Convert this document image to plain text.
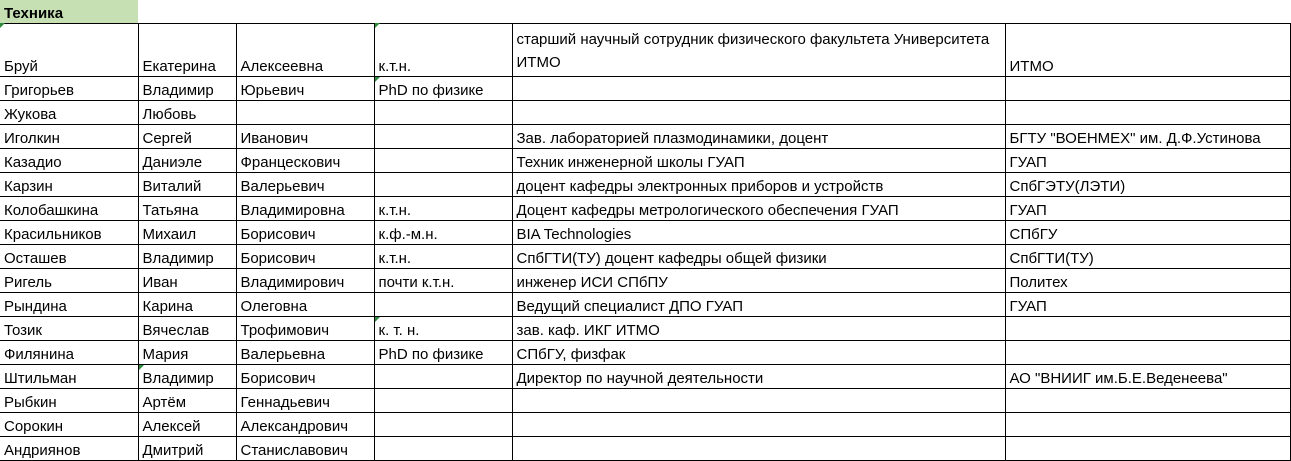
Техника					
Бруй	Екатерина	Алексеевна	к.т.н.	старший научный сотрудник физического факультета Университета ИТМО	ИТМО
Григорьев	Владимир	Юрьевич	PhD по физике

Жукова	Любовь				
Иголкин	Сергей	Иванович		Зав. лабораторией плазмодинамики, доцент	БГТУ "ВОЕНМЕХ" им. Д.Ф.Устинова
Казадио	Даниэле	Францескович		Техник инженерной школы ГУАП	ГУАП
Карзин	Виталий	Валерьевич		доцент кафедры электронных приборов и устройств	СпбГЭТУ(ЛЭТИ)
Колобашкина	Татьяна	Владимировна	к.т.н.	Доцент кафедры метрологического обеспечения ГУАП	ГУАП
Красильников	Михаил	Борисович	к.ф.-м.н.	BIA Technologies	СПбГУ
Осташев	Владимир	Борисович	к.т.н.	СпбГТИ(ТУ) доцент кафедры общей физики	СпбГТИ(ТУ)
Ригель	Иван	Владимирович	почти к.т.н.	инженер ИСИ СПбПУ	Политех
Рындина	Карина	Олеговна		Ведущий специалист ДПО ГУАП	ГУАП
Тозик	Вячеслав	Трофимович	к. т. н.	зав. каф. ИКГ ИТМО	
Филянина	Мария	Валерьевна	PhD по физике	СПбГУ, физфак	
Штильман	Владимир	Борисович		Директор по научной деятельности	АО "ВНИИГ им.Б.Е.Веденеева"
Рыбкин	Артём	Геннадьевич			
Сорокин	Алексей	Александрович			
Андриянов	Дмитрий	Станиславович			
